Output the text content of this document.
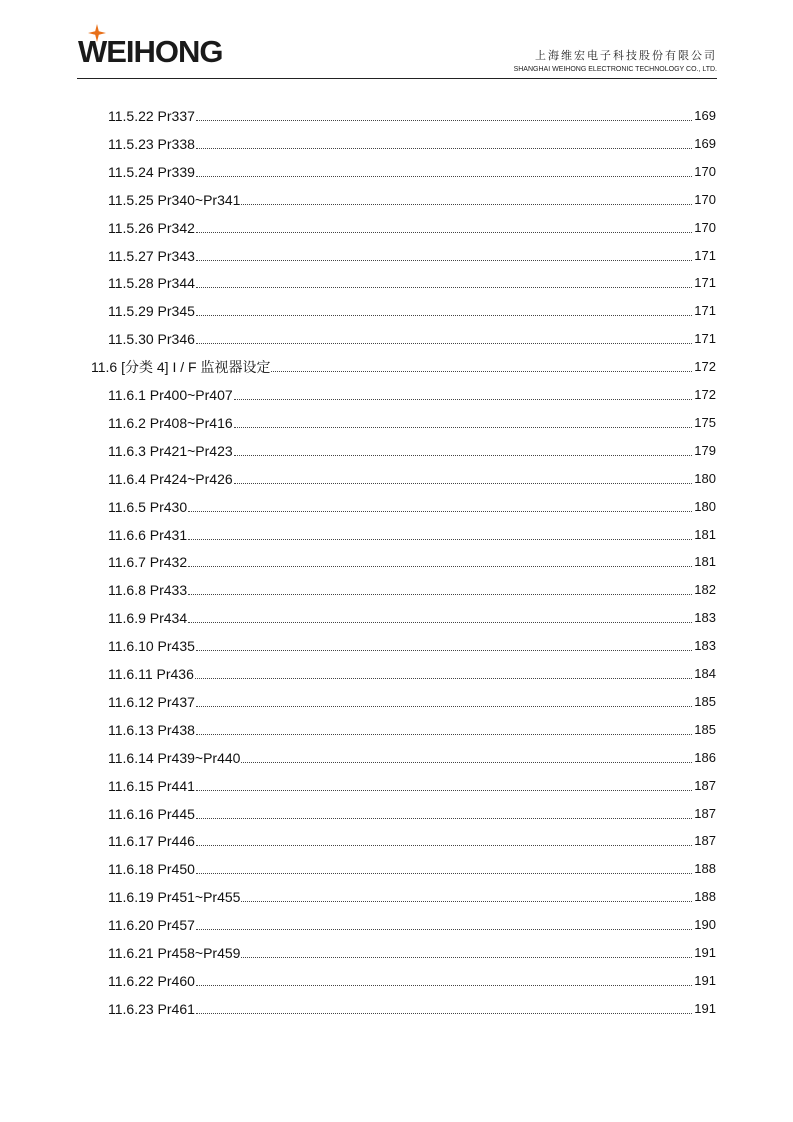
WEIHONG	上海维宏电子科技股份有限公司
SHANGHAI WEIHONG ELECTRONIC TECHNOLOGY CO., LTD.
11.5.22 Pr337	169
11.5.23 Pr338	169
11.5.24 Pr339	170
11.5.25 Pr340~Pr341	170
11.5.26 Pr342	170
11.5.27 Pr343	171
11.5.28 Pr344	171
11.5.29 Pr345	171
11.5.30 Pr346	171
11.6 [分类 4] I / F 监视器设定	172
11.6.1 Pr400~Pr407	172
11.6.2 Pr408~Pr416	175
11.6.3 Pr421~Pr423	179
11.6.4 Pr424~Pr426	180
11.6.5 Pr430	180
11.6.6 Pr431	181
11.6.7 Pr432	181
11.6.8 Pr433	182
11.6.9 Pr434	183
11.6.10 Pr435	183
11.6.11 Pr436	184
11.6.12 Pr437	185
11.6.13 Pr438	185
11.6.14 Pr439~Pr440	186
11.6.15 Pr441	187
11.6.16 Pr445	187
11.6.17 Pr446	187
11.6.18 Pr450	188
11.6.19 Pr451~Pr455	188
11.6.20 Pr457	190
11.6.21 Pr458~Pr459	191
11.6.22 Pr460	191
11.6.23 Pr461	191
